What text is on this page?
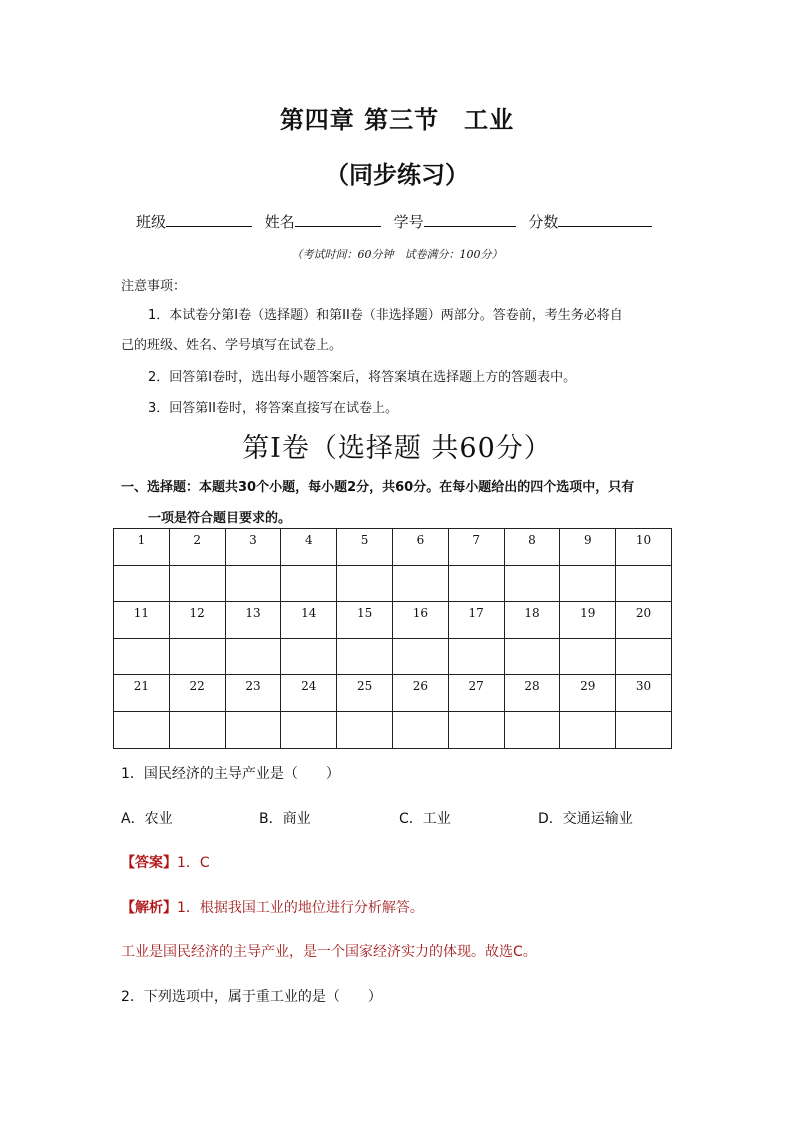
第四章 第三节　工业
（同步练习）
班级	姓名	学号	分数
（考试时间：60分钟　试卷满分：100分）
注意事项：
1．本试卷分第I卷（选择题）和第II卷（非选择题）两部分。答卷前，考生务必将自
己的班级、姓名、学号填写在试卷上。
2．回答第I卷时，选出每小题答案后，将答案填在选择题上方的答题表中。
3．回答第II卷时，将答案直接写在试卷上。
第I卷（选择题 共60分）
一、选择题：本题共30个小题，每小题2分，共60分。在每小题给出的四个选项中，只有
一项是符合题目要求的。
1	2	3	4	5	6	7	8	9	10

11	12	13	14	15	16	17	18	19	20

21	22	23	24	25	26	27	28	29	30

1．国民经济的主导产业是（　　）
A．农业	B．商业	C．工业	D．交通运输业
【答案】1．C
【解析】1．根据我国工业的地位进行分析解答。
工业是国民经济的主导产业，是一个国家经济实力的体现。故选C。
2．下列选项中，属于重工业的是（　　）
